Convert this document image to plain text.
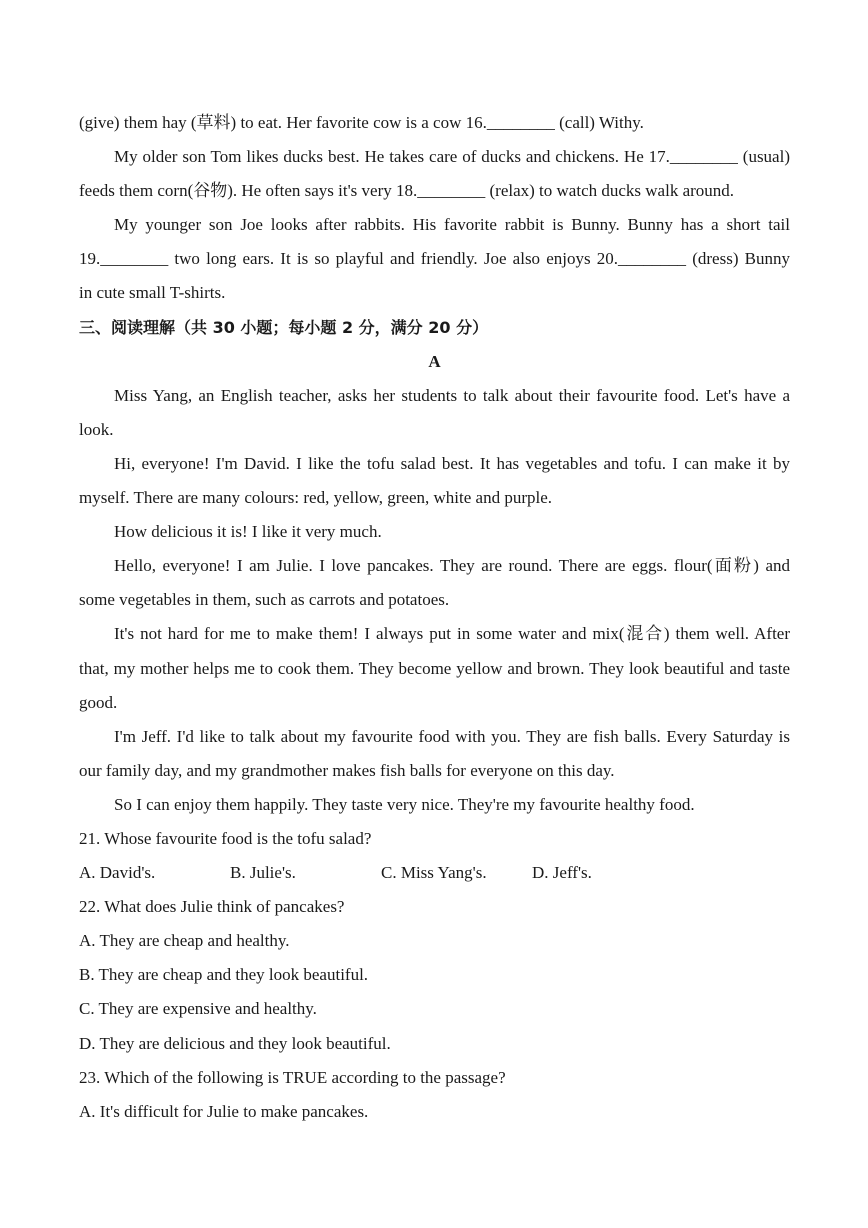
(give) them hay (草料) to eat. Her favorite cow is a cow 16.________ (call) Withy.
My older son Tom likes ducks best. He takes care of ducks and chickens. He 17.________ (usual)
feeds them corn(谷物). He often says it's very 18.________ (relax) to watch ducks walk around.
My younger son Joe looks after rabbits. His favorite rabbit is Bunny. Bunny has a short tail
19.________ two long ears. It is so playful and friendly. Joe also enjoys 20.________ (dress) Bunny
in cute small T-shirts.
三、阅读理解（共 30 小题；每小题 2 分，满分 20 分）
A
Miss Yang, an English teacher, asks her students to talk about their favourite food. Let's have a
look.
Hi, everyone! I'm David. I like the tofu salad best. It has vegetables and tofu. I can make it by
myself. There are many colours: red, yellow, green, white and purple.
How delicious it is! I like it very much.
Hello, everyone! I am Julie. I love pancakes. They are round. There are eggs. flour(面粉) and
some vegetables in them, such as carrots and potatoes.
It's not hard for me to make them! I always put in some water and mix(混合) them well. After
that, my mother helps me to cook them. They become yellow and brown. They look beautiful and taste
good.
I'm Jeff. I'd like to talk about my favourite food with you. They are fish balls. Every Saturday is
our family day, and my grandmother makes fish balls for everyone on this day.
So I can enjoy them happily. They taste very nice. They're my favourite healthy food.
21. Whose favourite food is the tofu salad?
A. David's.	B. Julie's.	C. Miss Yang's.	D. Jeff's.
22. What does Julie think of pancakes?
A. They are cheap and healthy.
B. They are cheap and they look beautiful.
C. They are expensive and healthy.
D. They are delicious and they look beautiful.
23. Which of the following is TRUE according to the passage?
A. It's difficult for Julie to make pancakes.
